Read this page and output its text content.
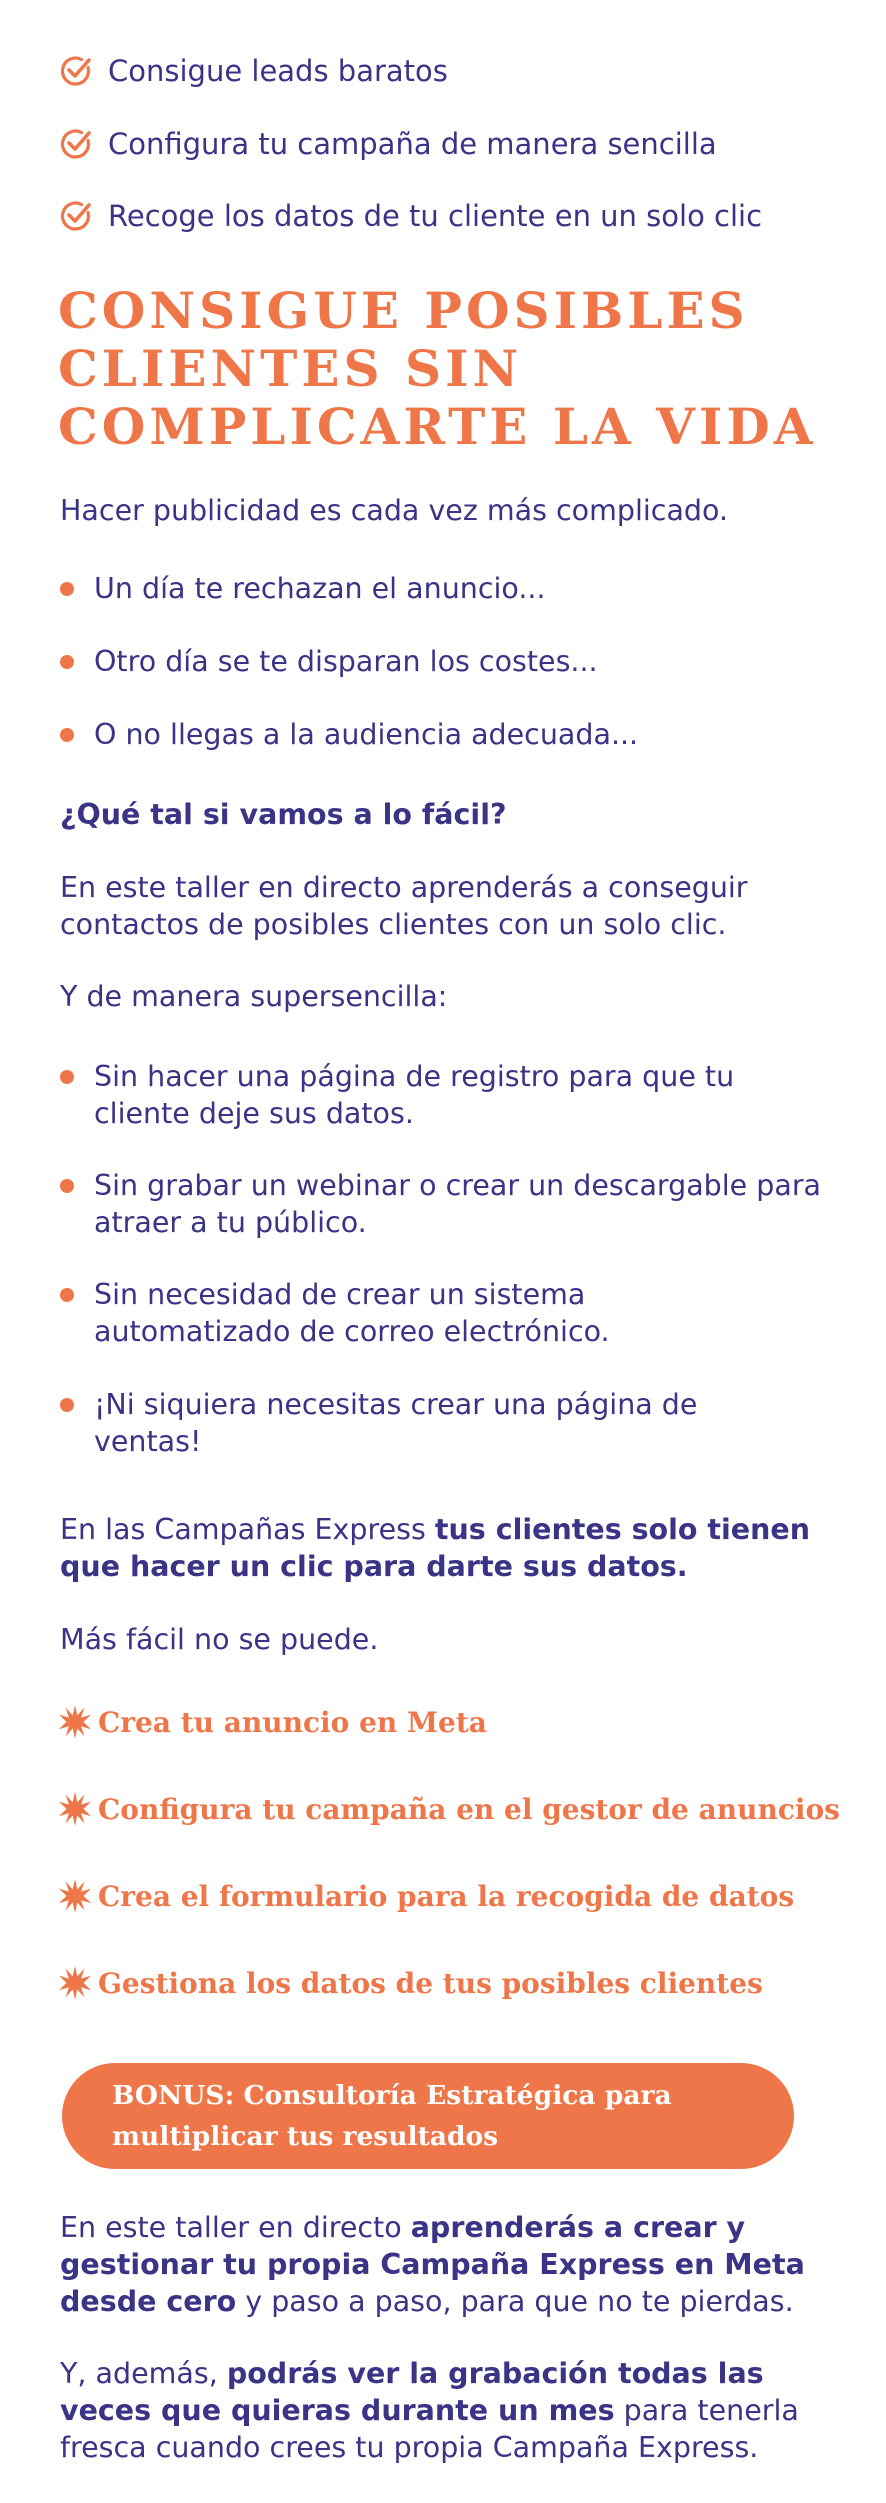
Consigue leads baratos
Configura tu campaña de manera sencilla
Recoge los datos de tu cliente en un solo clic
CONSIGUE POSIBLES
CLIENTES SIN
COMPLICARTE LA VIDA
Hacer publicidad es cada vez más complicado.
Un día te rechazan el anuncio...
Otro día se te disparan los costes...
O no llegas a la audiencia adecuada...
¿Qué tal si vamos a lo fácil?
En este taller en directo aprenderás a conseguir contactos de posibles clientes con un solo clic.
Y de manera supersencilla:
Sin hacer una página de registro para que tu cliente deje sus datos.
Sin grabar un webinar o crear un descargable para atraer a tu público.
Sin necesidad de crear un sistema automatizado de correo electrónico.
¡Ni siquiera necesitas crear una página de ventas!
En las Campañas Express tus clientes solo tienen que hacer un clic para darte sus datos.
Más fácil no se puede.
Crea tu anuncio en Meta
Configura tu campaña en el gestor de anuncios
Crea el formulario para la recogida de datos
Gestiona los datos de tus posibles clientes
BONUS: Consultoría Estratégica para
multiplicar tus resultados
En este taller en directo aprenderás a crear y gestionar tu propia Campaña Express en Meta desde cero y paso a paso, para que no te pierdas.
Y, además, podrás ver la grabación todas las veces que quieras durante un mes para tenerla fresca cuando crees tu propia Campaña Express.
